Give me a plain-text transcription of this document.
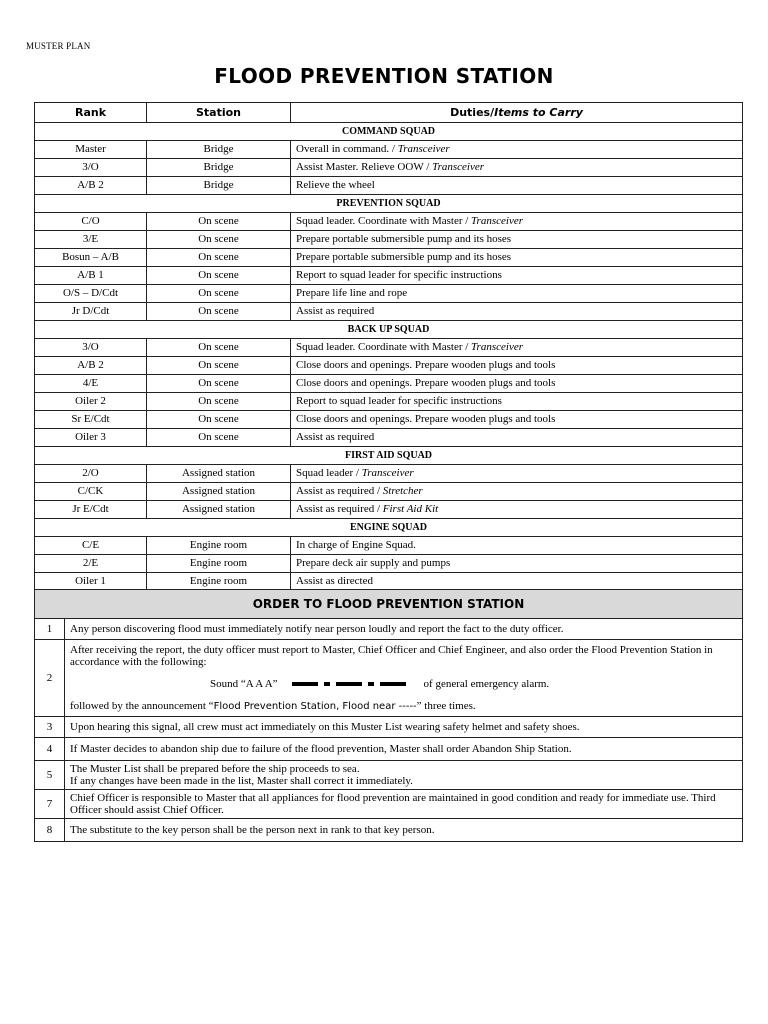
MUSTER PLAN
FLOOD PREVENTION STATION
Rank	Station	Duties/Items to Carry
COMMAND SQUAD		
Master	Bridge	Overall in command. / Transceiver
3/O	Bridge	Assist Master. Relieve OOW / Transceiver
A/B 2	Bridge	Relieve the wheel
PREVENTION SQUAD		
C/O	On scene	Squad leader. Coordinate with Master / Transceiver
3/E	On scene	Prepare portable submersible pump and its hoses
Bosun – A/B	On scene	Prepare portable submersible pump and its hoses
A/B 1	On scene	Report to squad leader for specific instructions
O/S – D/Cdt	On scene	Prepare life line and rope
Jr D/Cdt	On scene	Assist as required
BACK UP SQUAD		
3/O	On scene	Squad leader. Coordinate with Master / Transceiver
A/B 2	On scene	Close doors and openings. Prepare wooden plugs and tools
4/E	On scene	Close doors and openings. Prepare wooden plugs and tools
Oiler 2	On scene	Report to squad leader for specific instructions
Sr E/Cdt	On scene	Close doors and openings. Prepare wooden plugs and tools
Oiler 3	On scene	Assist as required
FIRST AID SQUAD		
2/O	Assigned station	Squad leader / Transceiver
C/CK	Assigned station	Assist as required / Stretcher
Jr E/Cdt	Assigned station	Assist as required / First Aid Kit
ENGINE SQUAD		
C/E	Engine room	In charge of Engine Squad.
2/E	Engine room	Prepare deck air supply and pumps
Oiler 1	Engine room	Assist as directed
ORDER TO FLOOD PREVENTION STATION	
1	Any person discovering flood must immediately notify near person loudly and report the fact to the duty officer.
2	After receiving the report, the duty officer must report to Master, Chief Officer and Chief Engineer, and also order the Flood Prevention Station in accordance with the following:
Sound “A A A” of general emergency alarm.
followed by the announcement “Flood Prevention Station, Flood near -----” three times.

3	Upon hearing this signal, all crew must act immediately on this Muster List wearing safety helmet and safety shoes.
4	If Master decides to abandon ship due to failure of the flood prevention, Master shall order Abandon Ship Station.
5	The Muster List shall be prepared before the ship proceeds to sea.
If any changes have been made in the list, Master shall correct it immediately.

7	Chief Officer is responsible to Master that all appliances for flood prevention are maintained in good condition and ready for immediate use. Third Officer should assist Chief Officer.
8	The substitute to the key person shall be the person next in rank to that key person.
